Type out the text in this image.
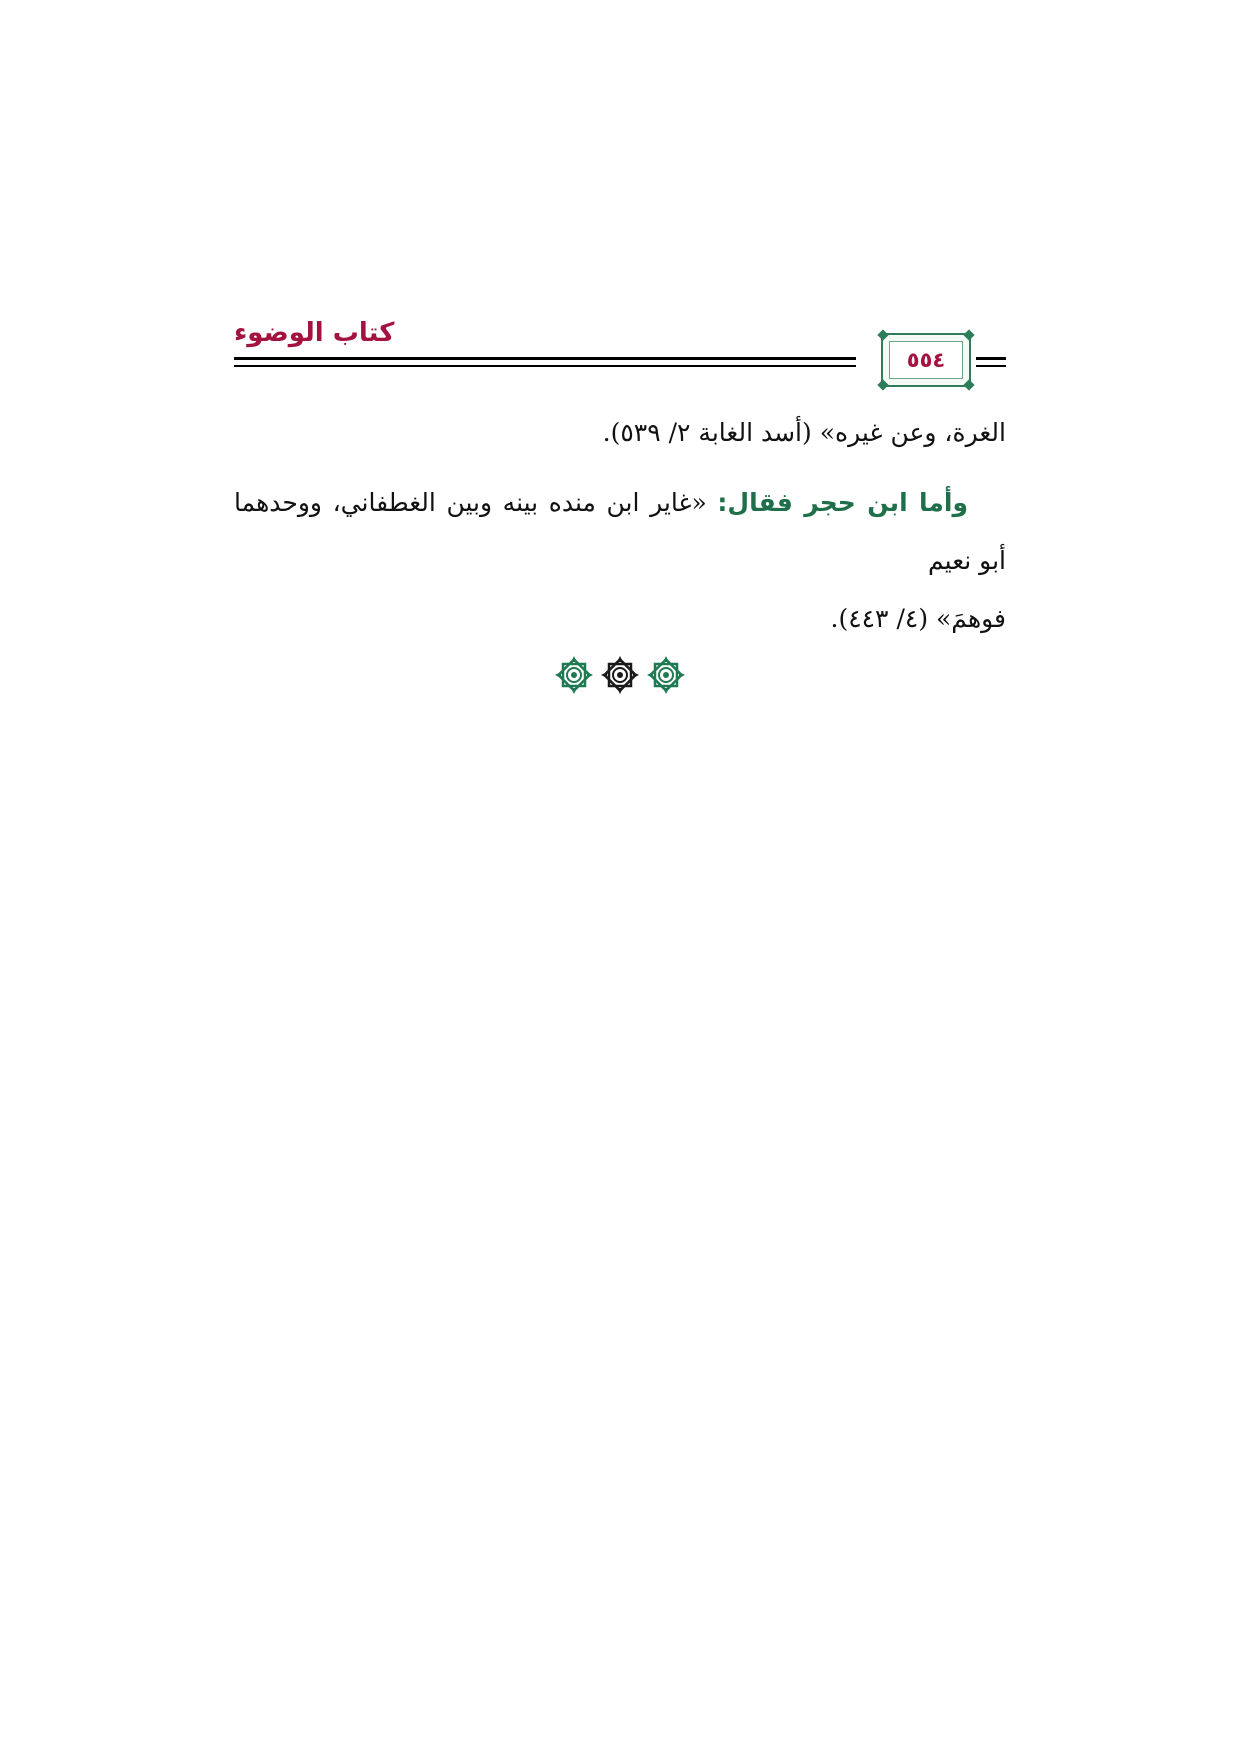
كتاب الوضوء
٥٥٤
الغرة، وعن غيره» (أسد الغابة ٢/ ٥٣٩).
وأما ابن حجر فقال: «غاير ابن منده بينه وبين الغطفاني، ووحدهما أبو نعيم
فوهمَ» (٤/ ٤٤٣).
